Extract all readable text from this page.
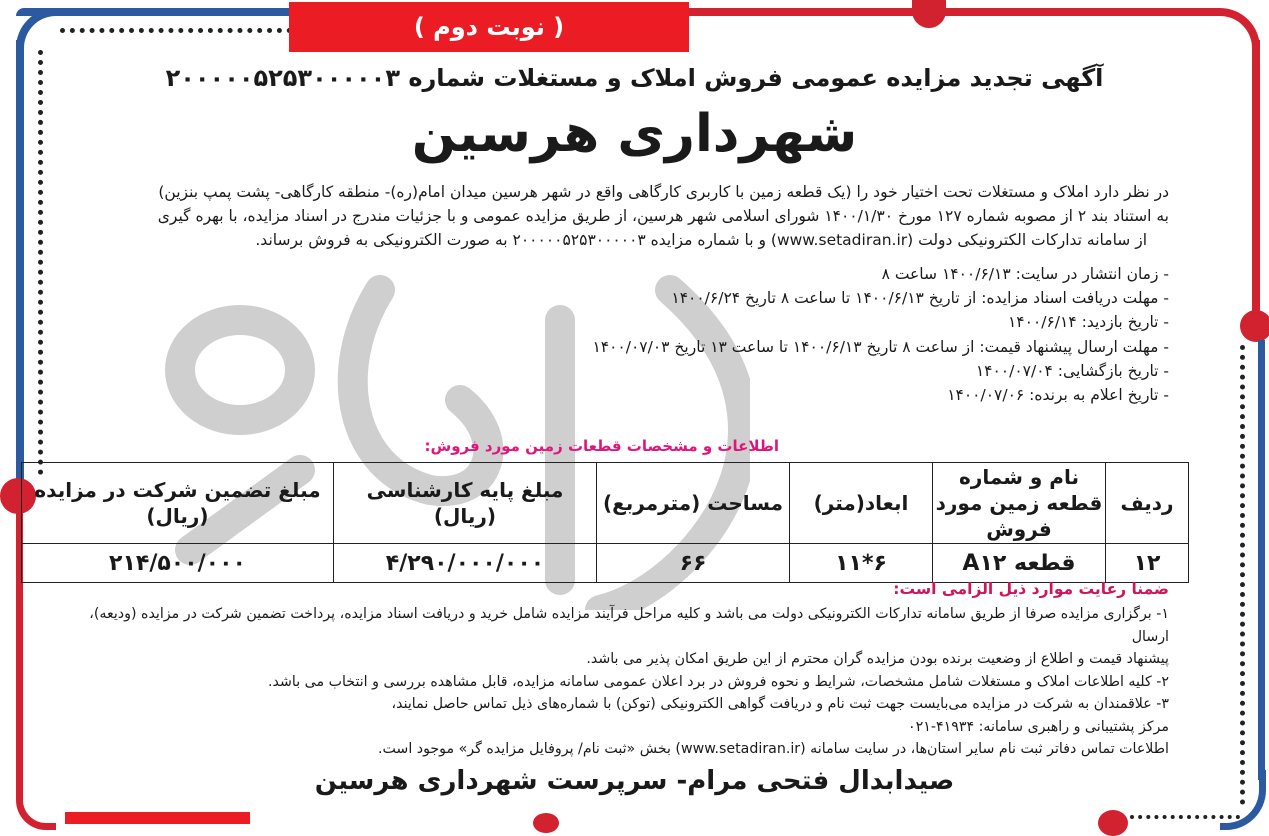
( نوبت دوم )
آگهی تجدید مزایده عمومی فروش املاک و مستغلات شماره ۲۰۰۰۰۰۵۲۵۳۰۰۰۰۰۳
شهرداری هرسین

در نظر دارد املاک و مستغلات تحت اختیار خود را (یک قطعه زمین با کاربری کارگاهی واقع در شهر هرسین میدان امام(ره)- منطقه کارگاهی- پشت پمپ بنزین)

به استناد بند ۲ از مصوبه شماره ۱۲۷ مورخ ۱۴۰۰/۱/۳۰ شورای اسلامی شهر هرسین، از طریق مزایده عمومی و با جزئیات مندرج در اسناد مزایده، با بهره گیری

از سامانه تدارکات الکترونیکی دولت (www.setadiran.ir) و با شماره مزایده ۲۰۰۰۰۰۵۲۵۳۰۰۰۰۰۳ به صورت الکترونیکی به فروش برساند.

- زمان انتشار در سایت: ۱۴۰۰/۶/۱۳ ساعت ۸
- مهلت دریافت اسناد مزایده: از تاریخ ۱۴۰۰/۶/۱۳ تا ساعت ۸ تاریخ ۱۴۰۰/۶/۲۴
- تاریخ بازدید: ۱۴۰۰/۶/۱۴
- مهلت ارسال پیشنهاد قیمت: از ساعت ۸ تاریخ ۱۴۰۰/۶/۱۳ تا ساعت ۱۳ تاریخ ۱۴۰۰/۰۷/۰۳
- تاریخ بازگشایی: ۱۴۰۰/۰۷/۰۴
- تاریخ اعلام به برنده: ۱۴۰۰/۰۷/۰۶
اطلاعات و مشخصات قطعات زمین مورد فروش:
ردیف	نام و شماره قطعه زمین مورد فروش	ابعاد(متر)	مساحت (مترمربع)	مبلغ پایه کارشناسی (ریال)	مبلغ تضمین شرکت در مزایده (ریال)
۱۲	قطعه A۱۲	۶*۱۱	۶۶	۴/۲۹۰/۰۰۰/۰۰۰	۲۱۴/۵۰۰/۰۰۰
ضمنا رعایت موارد ذیل الزامی است:
۱- برگزاری مزایده صرفا از طریق سامانه تدارکات الکترونیکی دولت می باشد و کلیه مراحل فرآیند مزایده شامل خرید و دریافت اسناد مزایده، پرداخت تضمین شرکت در مزایده (ودیعه)، ارسال
پیشنهاد قیمت و اطلاع از وضعیت برنده بودن مزایده گران محترم از این طریق امکان پذیر می باشد.
۲- کلیه اطلاعات املاک و مستغلات شامل مشخصات، شرایط و نحوه فروش در برد اعلان عمومی سامانه مزایده، قابل مشاهده بررسی و انتخاب می باشد.
۳- علاقمندان به شرکت در مزایده می‌بایست جهت ثبت نام و دریافت گواهی الکترونیکی (توکن) با شماره‌های ذیل تماس حاصل نمایند،
مرکز پشتیبانی و راهبری سامانه: ۴۱۹۳۴-۰۲۱
اطلاعات تماس دفاتر ثبت نام سایر استان‌ها، در سایت سامانه (www.setadiran.ir) بخش «ثبت نام/ پروفایل مزایده گر» موجود است.
صیدابدال فتحی مرام- سرپرست شهرداری هرسین
